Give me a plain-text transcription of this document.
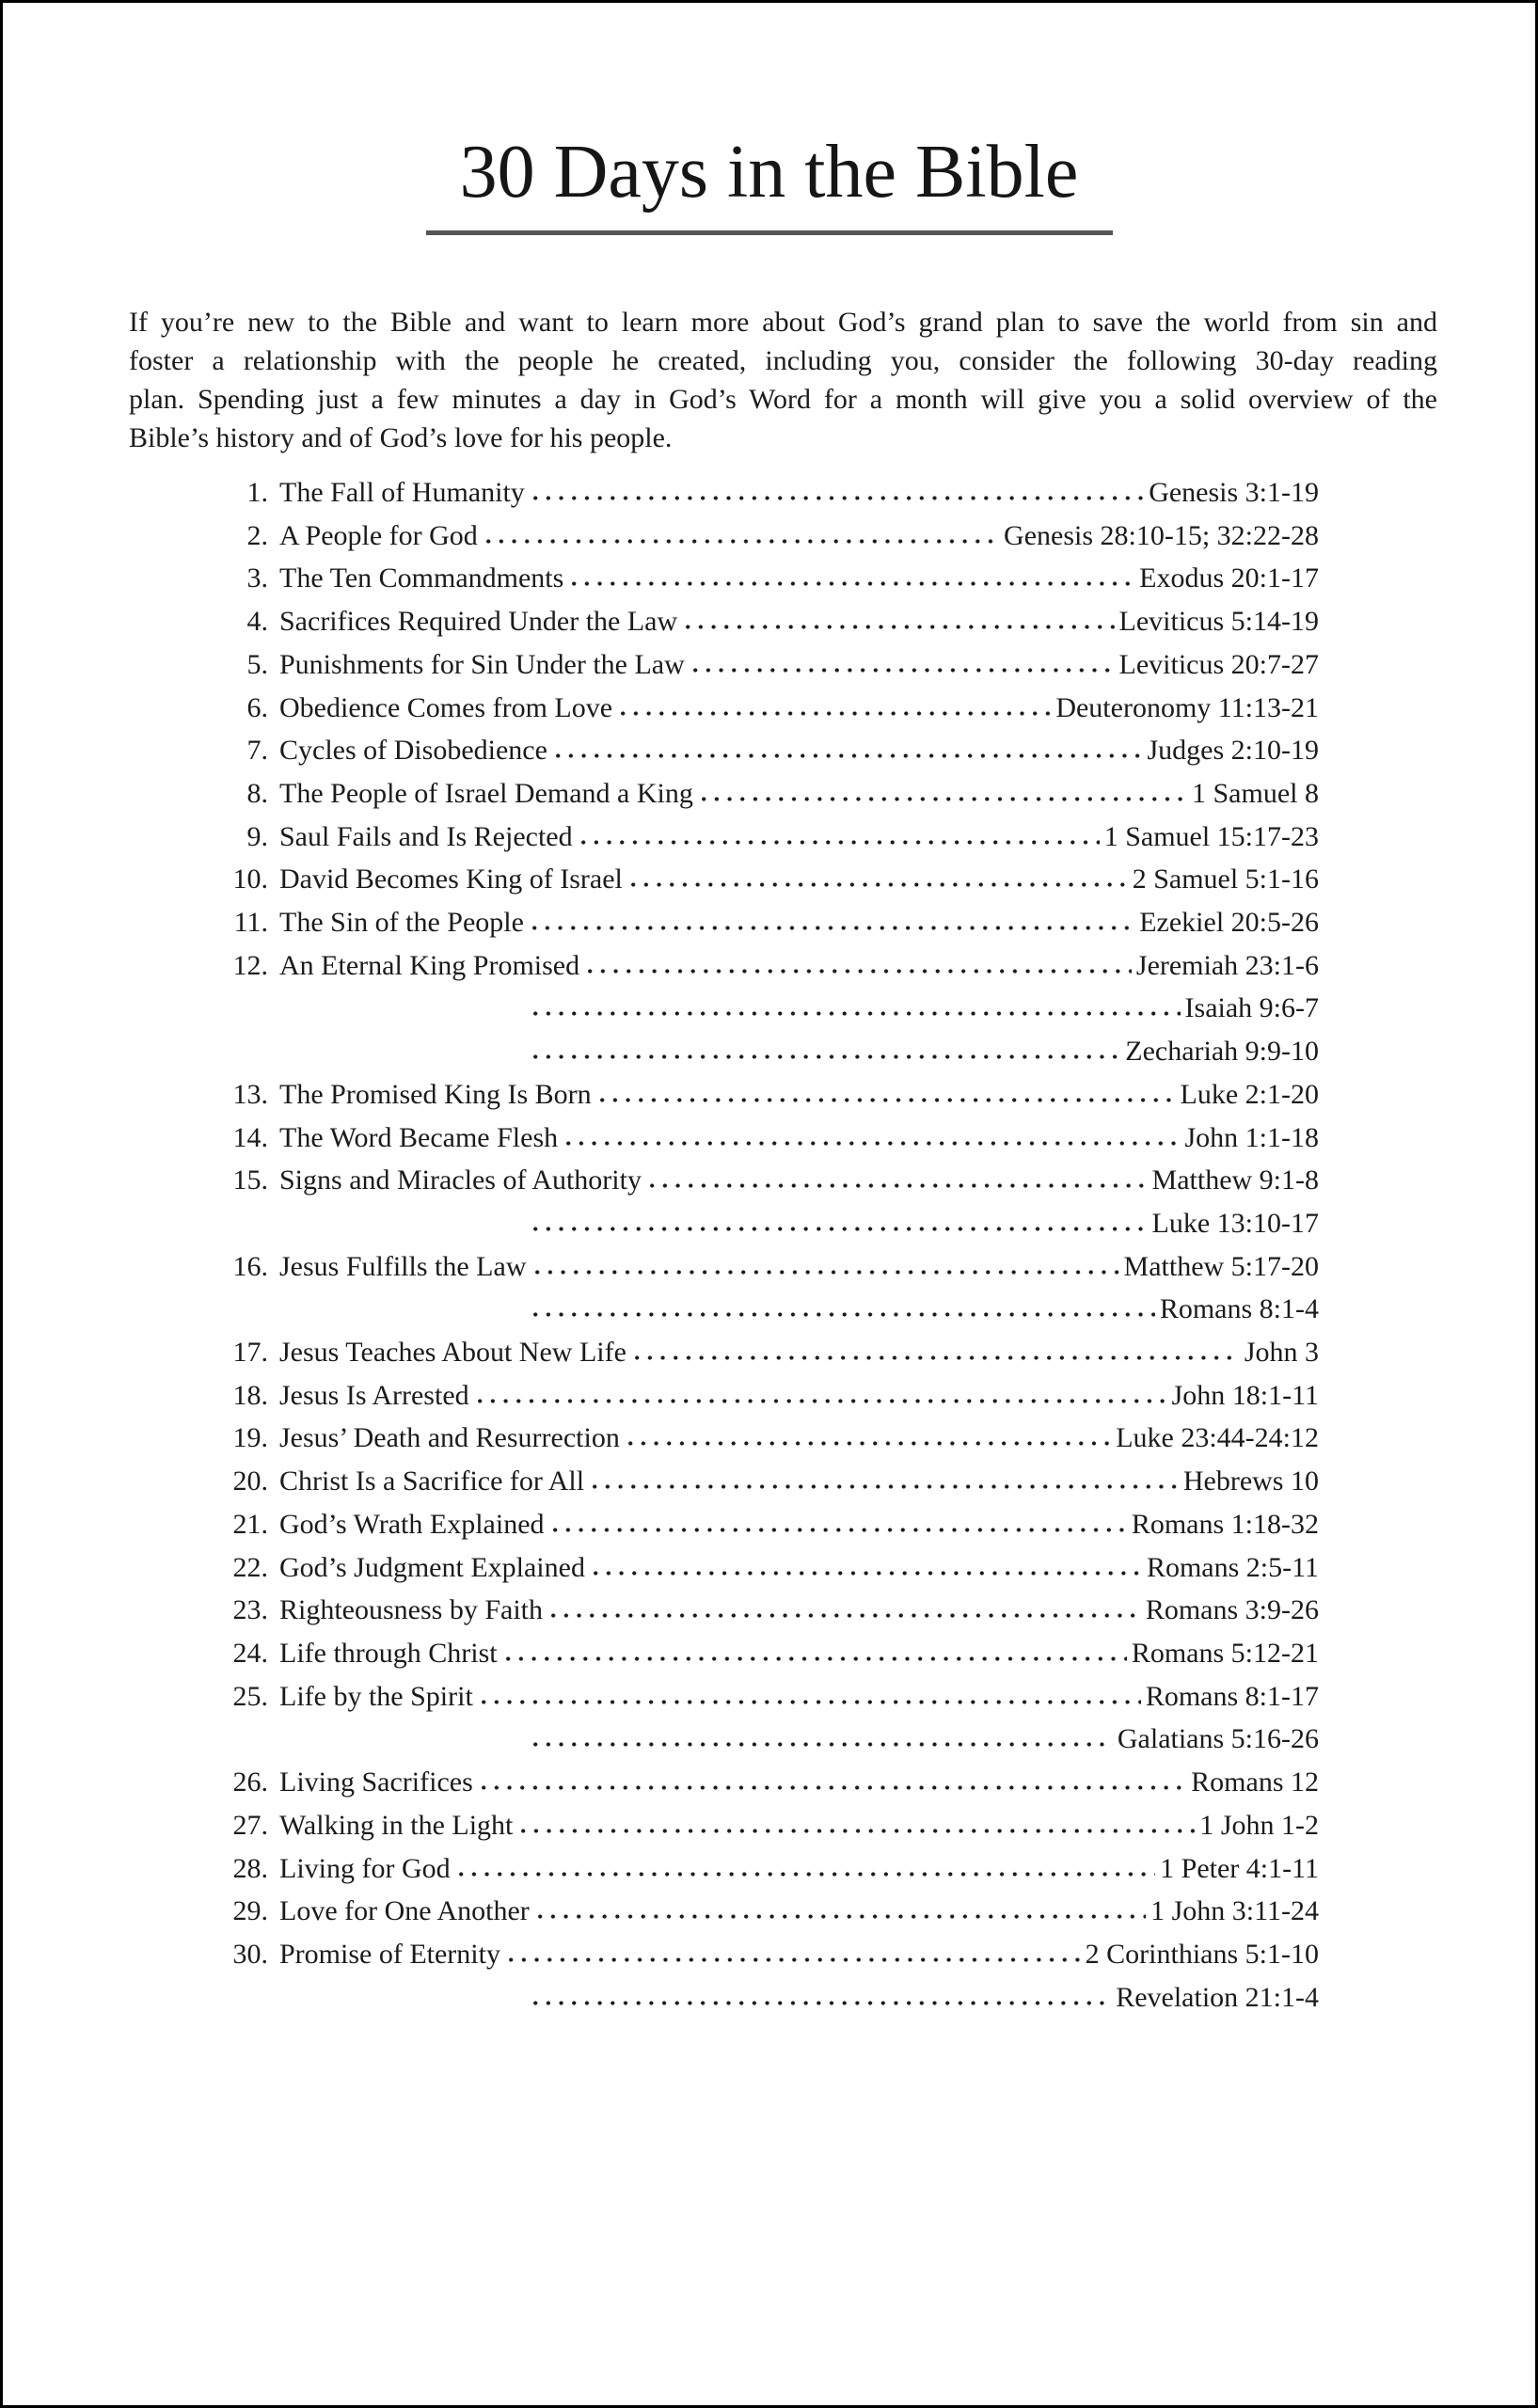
30 Days in the Bible
If you’re new to the Bible and want to learn more about God’s grand plan to save the world from sin and
foster a relationship with the people he created, including you, consider the following 30-day reading
plan. Spending just a few minutes a day in God’s Word for a month will give you a solid overview of the
Bible’s history and of God’s love for his people.
1. The Fall of Humanity	Genesis 3:1-19
2. A People for God	Genesis 28:10-15; 32:22-28
3. The Ten Commandments	Exodus 20:1-17
4. Sacrifices Required Under the Law	Leviticus 5:14-19
5. Punishments for Sin Under the Law	Leviticus 20:7-27
6. Obedience Comes from Love	Deuteronomy 11:13-21
7. Cycles of Disobedience	Judges 2:10-19
8. The People of Israel Demand a King	1 Samuel 8
9. Saul Fails and Is Rejected	1 Samuel 15:17-23
10. David Becomes King of Israel	2 Samuel 5:1-16
11. The Sin of the People	Ezekiel 20:5-26
12. An Eternal King Promised	Jeremiah 23:1-6
Isaiah 9:6-7
Zechariah 9:9-10
13. The Promised King Is Born	Luke 2:1-20
14. The Word Became Flesh	John 1:1-18
15. Signs and Miracles of Authority	Matthew 9:1-8
Luke 13:10-17
16. Jesus Fulfills the Law	Matthew 5:17-20
Romans 8:1-4
17. Jesus Teaches About New Life	John 3
18. Jesus Is Arrested	John 18:1-11
19. Jesus’ Death and Resurrection	Luke 23:44-24:12
20. Christ Is a Sacrifice for All	Hebrews 10
21. God’s Wrath Explained	Romans 1:18-32
22. God’s Judgment Explained	Romans 2:5-11
23. Righteousness by Faith	Romans 3:9-26
24. Life through Christ	Romans 5:12-21
25. Life by the Spirit	Romans 8:1-17
Galatians 5:16-26
26. Living Sacrifices	Romans 12
27. Walking in the Light	1 John 1-2
28. Living for God	1 Peter 4:1-11
29. Love for One Another	1 John 3:11-24
30. Promise of Eternity	2 Corinthians 5:1-10
Revelation 21:1-4
